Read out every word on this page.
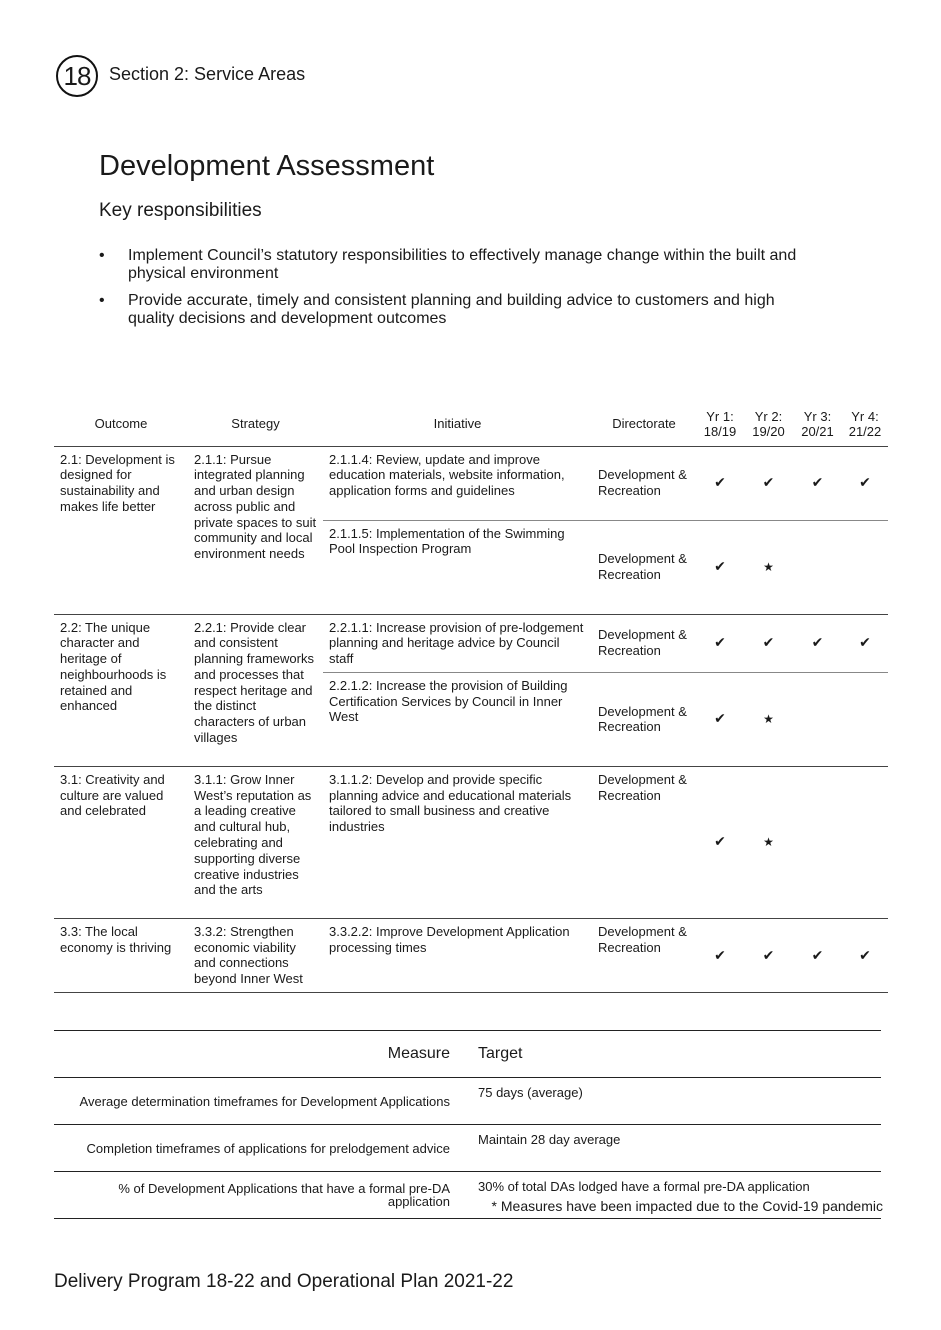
18 Section 2: Service Areas
Development Assessment
Key responsibilities
• Implement Council’s statutory responsibilities to effectively manage change within the built and physical environment
• Provide accurate, timely and consistent planning and building advice to customers and high quality decisions and development outcomes
Outcome	Strategy	Initiative	Directorate	Yr 1: 18/19	Yr 2: 19/20	Yr 3: 20/21	Yr 4: 21/22
2.1: Development is designed for sustainability and makes life better	2.1.1: Pursue integrated planning and urban design across public and private spaces to suit community and local environment needs	2.1.1.4: Review, update and improve education materials, website information, application forms and guidelines	Development & Recreation	✔	✔	✔	✔
		2.1.1.5: Implementation of the Swimming Pool Inspection Program	Development & Recreation	✔	★		
2.2: The unique character and heritage of neighbourhoods is retained and enhanced	2.2.1: Provide clear and consistent planning frameworks and processes that respect heritage and the distinct characters of urban villages	2.2.1.1: Increase provision of pre-lodgement planning and heritage advice by Council staff	Development & Recreation	✔	✔	✔	✔
		2.2.1.2: Increase the provision of Building Certification Services by Council in Inner West	Development & Recreation	✔	★		
3.1: Creativity and culture are valued and celebrated	3.1.1: Grow Inner West’s reputation as a leading creative and cultural hub, celebrating and supporting diverse creative industries and the arts	3.1.1.2: Develop and provide specific planning advice and educational materials tailored to small business and creative industries	Development & Recreation	✔	★		
3.3: The local economy is thriving	3.3.2: Strengthen economic viability and connections beyond Inner West	3.3.2.2: Improve Development Application processing times	Development & Recreation	✔	✔	✔	✔
Measure	Target
Average determination timeframes for Development Applications	75 days (average)
Completion timeframes of applications for prelodgement advice	Maintain 28 day average
% of Development Applications that have a formal pre-DA application	30% of total DAs lodged have a formal pre-DA application
* Measures have been impacted due to the Covid-19 pandemic
Delivery Program 18-22 and Operational Plan 2021-22
